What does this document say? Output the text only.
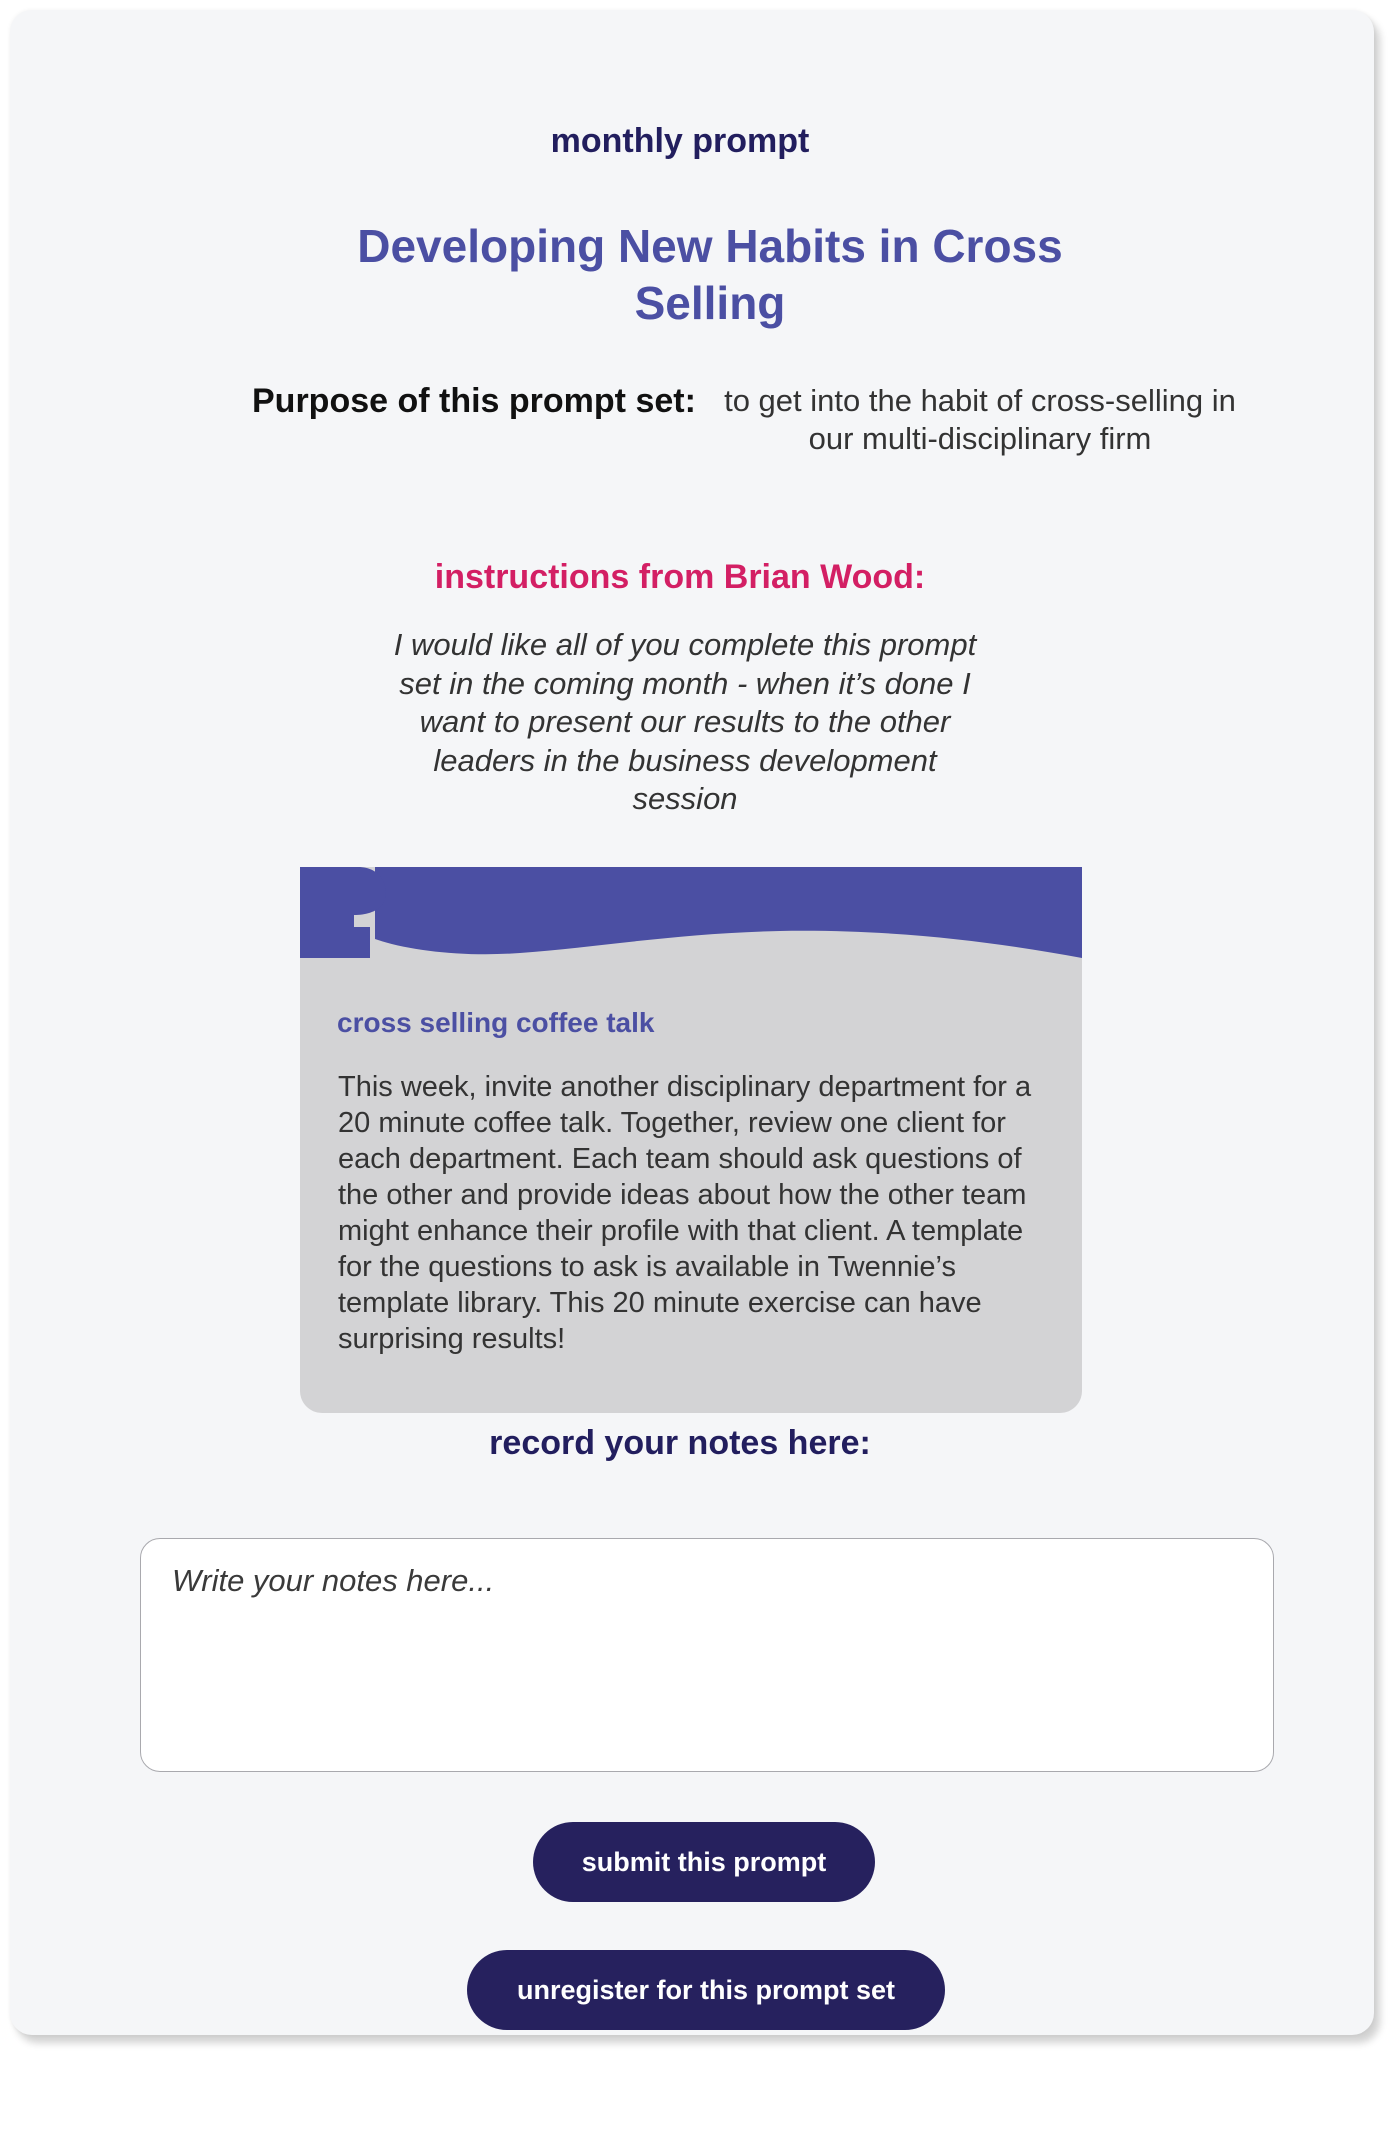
monthly prompt
Developing New Habits in Cross Selling
Purpose of this prompt set: to get into the habit of cross-selling in our multi-disciplinary firm
instructions from Brian Wood:
I would like all of you complete this prompt set in the coming month - when it’s done I want to present our results to the other leaders in the business development session
cross selling coffee talk
This week, invite another disciplinary department for a 20 minute coffee talk. Together, review one client for each department. Each team should ask questions of the other and provide ideas about how the other team might enhance their profile with that client. A template for the questions to ask is available in Twennie’s template library. This 20 minute exercise can have surprising results!
record your notes here:
Write your notes here...
submit this prompt
unregister for this prompt set
